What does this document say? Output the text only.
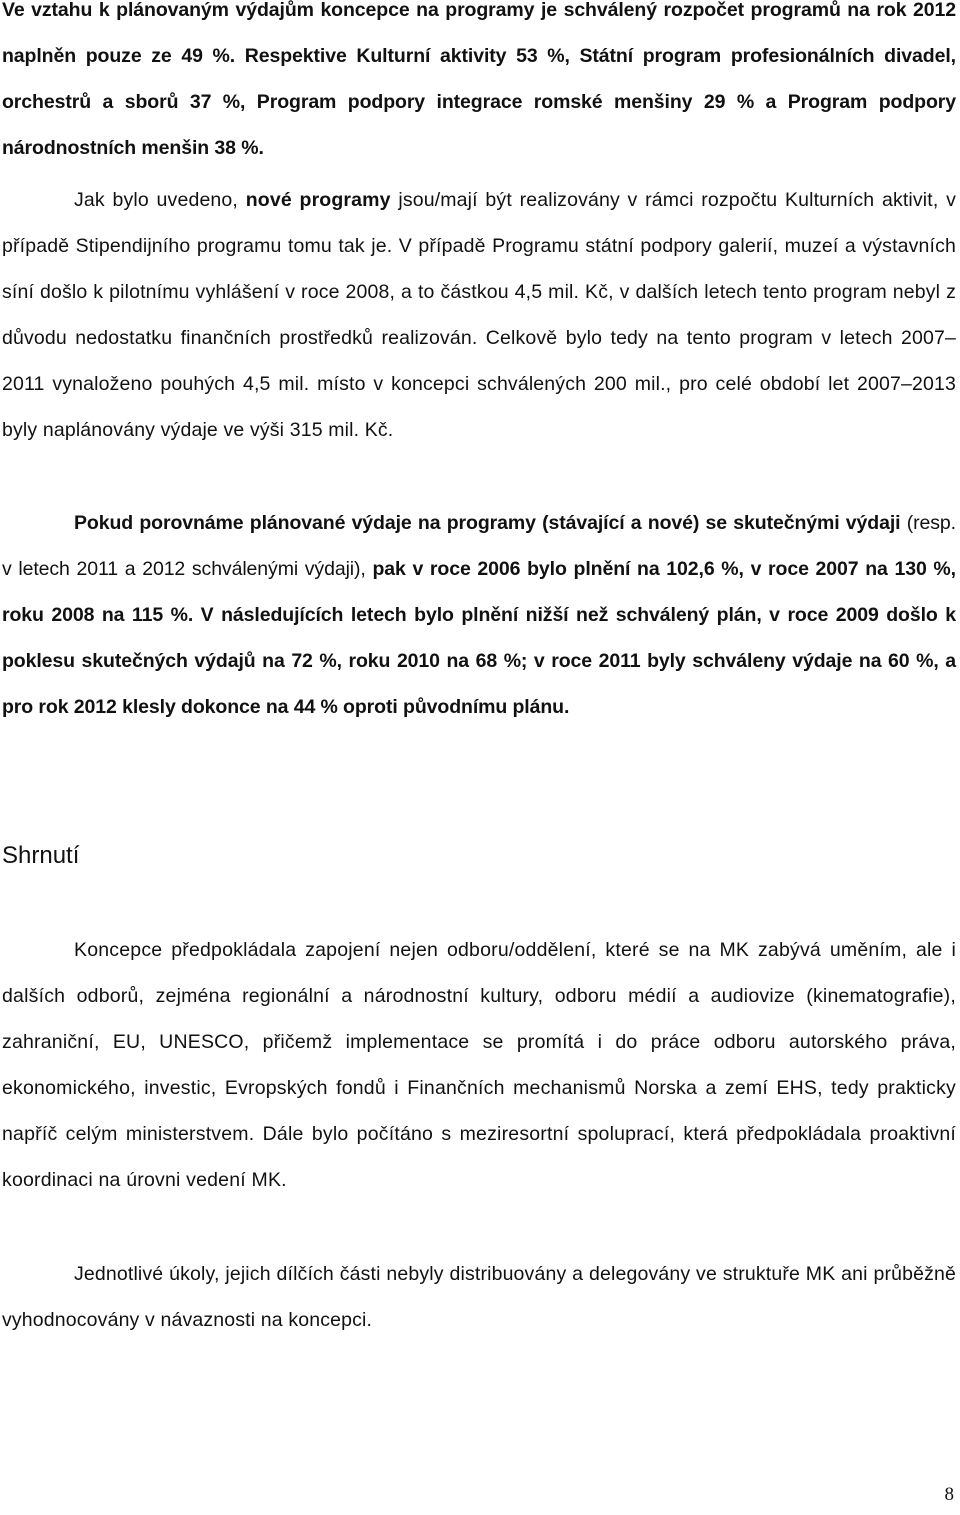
Ve vztahu k plánovaným výdajům koncepce na programy je schválený rozpočet programů na rok 2012 naplněn pouze ze 49 %. Respektive Kulturní aktivity 53 %, Státní program profesionálních divadel, orchestrů a sborů 37 %, Program podpory integrace romské menšiny 29 % a Program podpory národnostních menšin 38 %.

Jak bylo uvedeno, nové programy jsou/mají být realizovány v rámci rozpočtu Kulturních aktivit, v případě Stipendijního programu tomu tak je. V případě Programu státní podpory galerií, muzeí a výstavních síní došlo k pilotnímu vyhlášení v roce 2008, a to částkou 4,5 mil. Kč, v dalších letech tento program nebyl z důvodu nedostatku finančních prostředků realizován. Celkově bylo tedy na tento program v letech 2007–2011 vynaloženo pouhých 4,5 mil. místo v koncepci schválených 200 mil., pro celé období let 2007–2013 byly naplánovány výdaje ve výši 315 mil. Kč.

Pokud porovnáme plánované výdaje na programy (stávající a nové) se skutečnými výdaji (resp. v letech 2011 a 2012 schválenými výdaji), pak v roce 2006 bylo plnění na 102,6 %, v roce 2007 na 130 %, roku 2008 na 115 %. V následujících letech bylo plnění nižší než schválený plán, v roce 2009 došlo k poklesu skutečných výdajů na 72 %, roku 2010 na 68 %; v roce 2011 byly schváleny výdaje na 60 %, a pro rok 2012 klesly dokonce na 44 % oproti původnímu plánu.

Shrnutí

Koncepce předpokládala zapojení nejen odboru/oddělení, které se na MK zabývá uměním, ale i dalších odborů, zejména regionální a národnostní kultury, odboru médií a audiovize (kinematografie), zahraniční, EU, UNESCO, přičemž implementace se promítá i do práce odboru autorského práva, ekonomického, investic, Evropských fondů i Finančních mechanismů Norska a zemí EHS, tedy prakticky napříč celým ministerstvem. Dále bylo počítáno s meziresortní spoluprací, která předpokládala proaktivní koordinaci na úrovni vedení MK.

Jednotlivé úkoly, jejich dílčích části nebyly distribuovány a delegovány ve struktuře MK ani průběžně vyhodnocovány v návaznosti na koncepci.

8
